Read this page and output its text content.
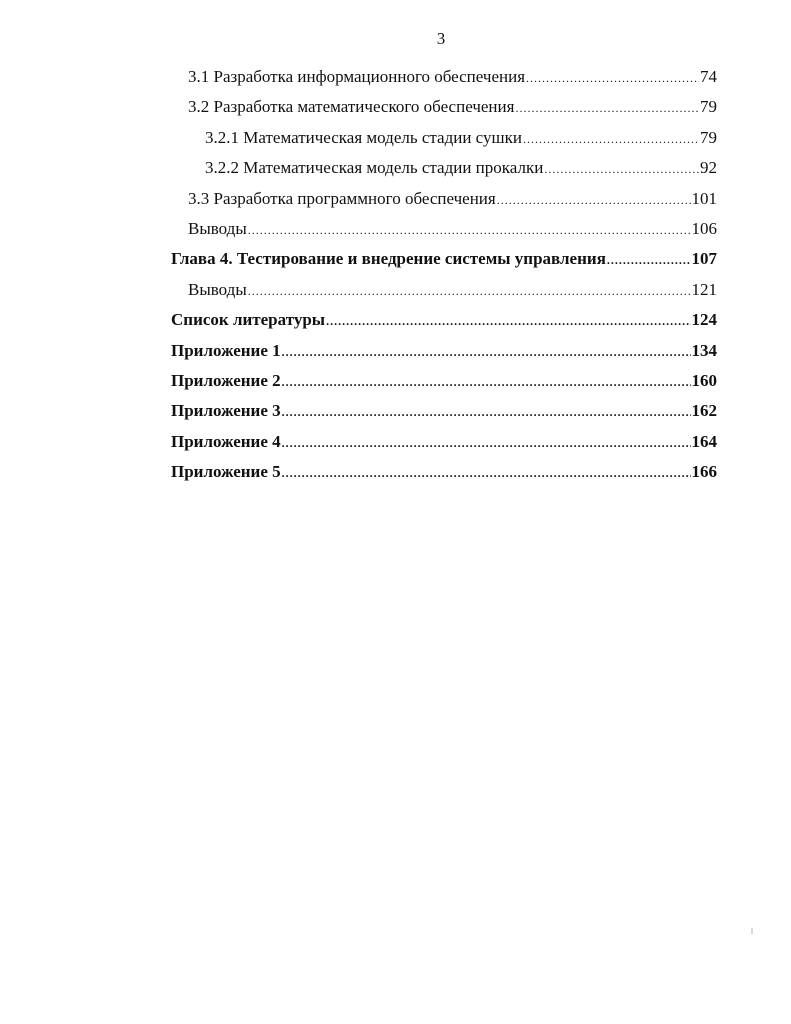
3
3.1 Разработка информационного обеспечения .....	74
3.2 Разработка математического обеспечения .....	79
3.2.1 Математическая модель стадии сушки .....	79
3.2.2 Математическая модель стадии прокалки .....	92
3.3 Разработка программного обеспечения .....	101
Выводы .....	106
Глава 4. Тестирование и внедрение системы управления .....	107
Выводы .....	121
Список литературы .....	124
Приложение 1 .....	134
Приложение 2 .....	160
Приложение 3 .....	162
Приложение 4 .....	164
Приложение 5 .....	166
